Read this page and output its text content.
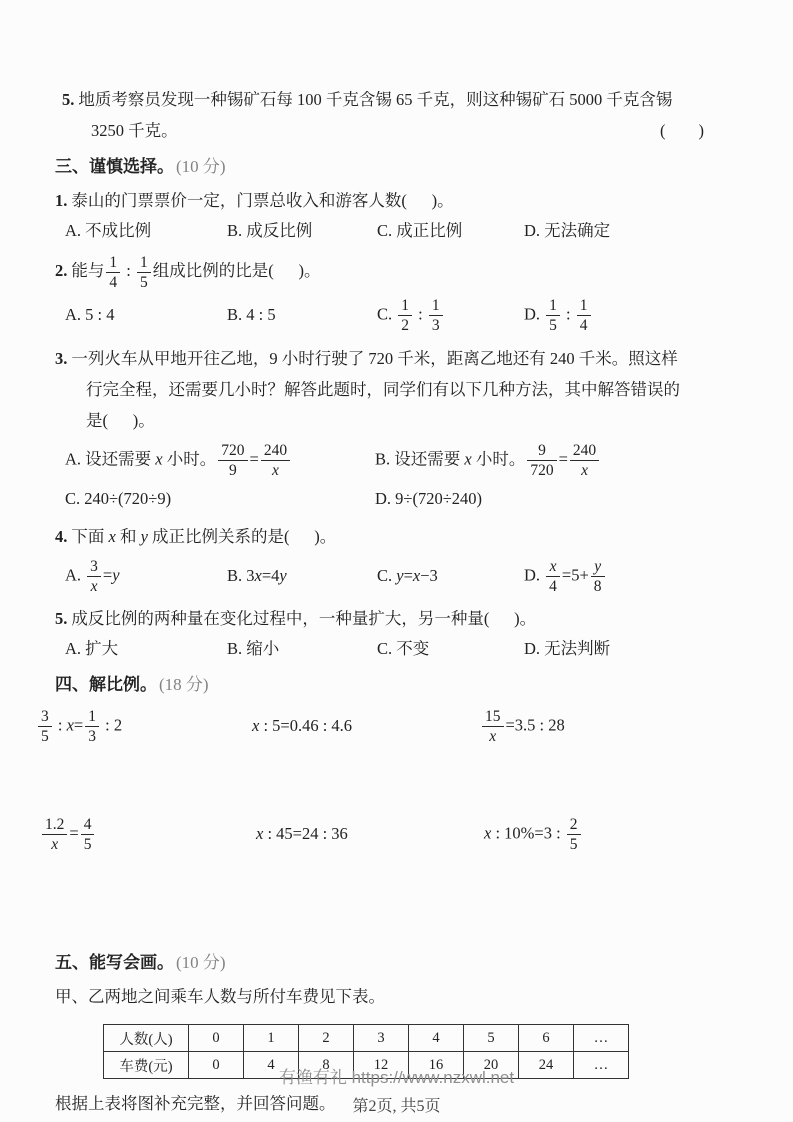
5. 地质考察员发现一种锡矿石每 100 千克含锡 65 千克，则这种锡矿石 5000 千克含锡
3250 千克。	(        )
三、谨慎选择。 (10 分)
1. 泰山的门票票价一定，门票总收入和游客人数(      )。
A. 不成比例	B. 成反比例	C. 成正比例	D. 无法确定
2. 能与 $\frac{1}{4}$ : $\frac{1}{5}$ 组成比例的比是(      )。
A. 5 : 4	B. 4 : 5	C. $\frac{1}{2}$ : $\frac{1}{3}$	D. $\frac{1}{5}$ : $\frac{1}{4}$
3. 一列火车从甲地开往乙地，9 小时行驶了 720 千米，距离乙地还有 240 千米。照这样
行完全程，还需要几小时？解答此题时，同学们有以下几种方法，其中解答错误的
是(      )。
A. 设还需要 x 小时。 $\frac{720}{9} = \frac{240}{x}$	B. 设还需要 x 小时。 $\frac{9}{720} = \frac{240}{x}$
C. 240÷(720÷9)	D. 9÷(720÷240)
4. 下面 x 和 y 成正比例关系的是(      )。
A. $\frac{3}{x} =y$	B. 3x=4y	C. y=x−3	D. $\frac{x}{4} =5+ \frac{y}{8}$
5. 成反比例的两种量在变化过程中，一种量扩大，另一种量(      )。
A. 扩大	B. 缩小	C. 不变	D. 无法判断
四、解比例。 (18 分)
$\frac{3}{5}$ : $x= \frac{1}{3}$ : 2	x : 5=0.46 : 4.6	$\frac{15}{x} =3.5$ : 28
$\frac{1.2}{x} = \frac{4}{5}$	x : 45=24 : 36	x : 10%=3 : $\frac{2}{5}$
五、能写会画。 (10 分)
甲、乙两地之间乘车人数与所付车费见下表。
人数(人)	0	1	2	3	4	5	6	…
车费(元)	0	4	8	12	16	20	24	…
根据上表将图补充完整，并回答问题。
有渔有礼 https://www.nzxwl.net
第2页, 共5页
